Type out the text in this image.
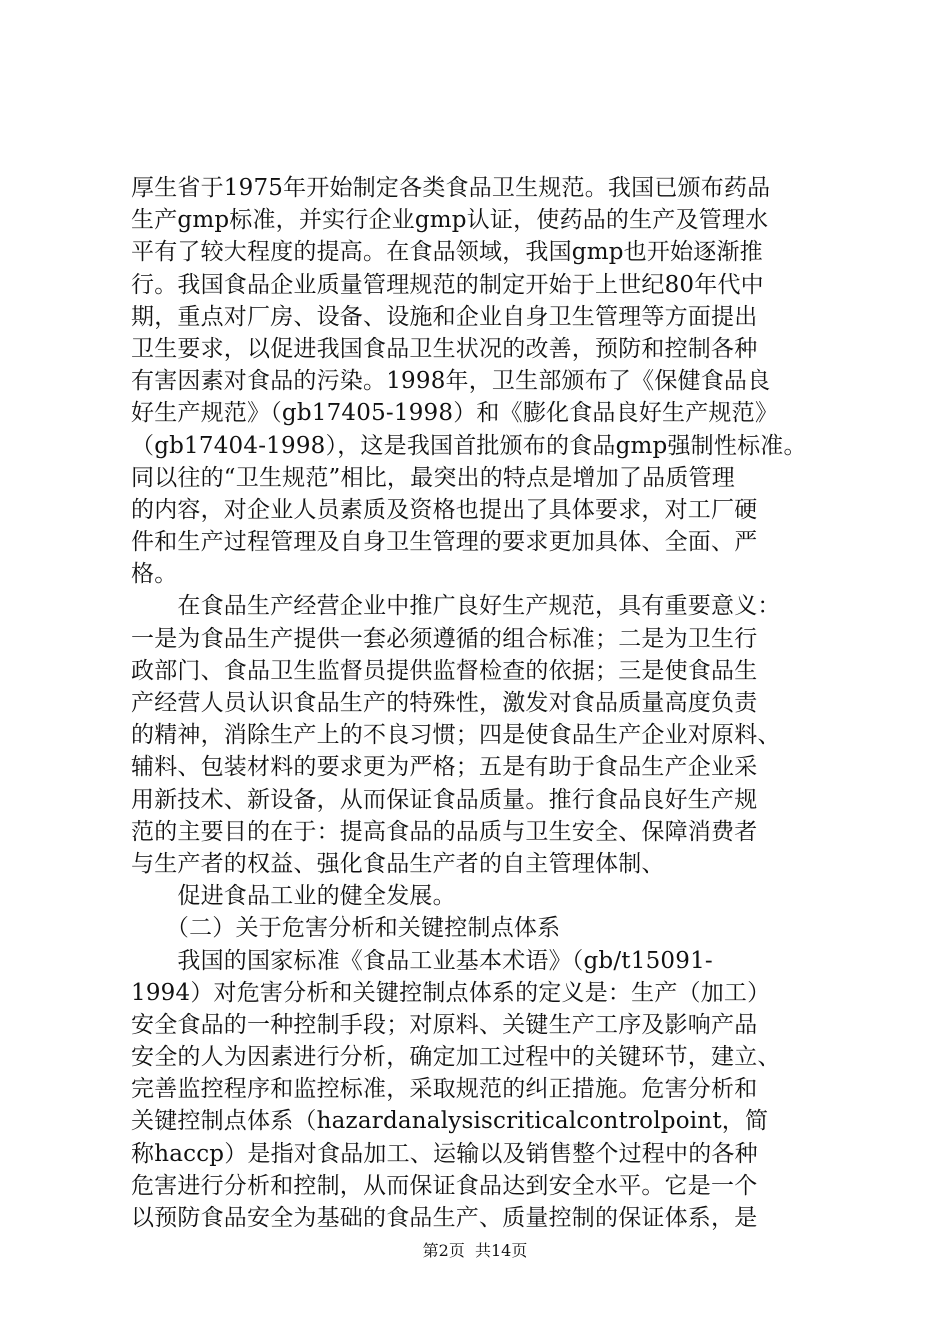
厚生省于1975年开始制定各类食品卫生规范。我国已颁布药品
生产gmp标准，并实行企业gmp认证，使药品的生产及管理水
平有了较大程度的提高。在食品领域，我国gmp也开始逐渐推
行。我国食品企业质量管理规范的制定开始于上世纪80年代中
期，重点对厂房、设备、设施和企业自身卫生管理等方面提出
卫生要求，以促进我国食品卫生状况的改善，预防和控制各种
有害因素对食品的污染。1998年，卫生部颁布了《保健食品良
好生产规范》（gb17405-1998）和《膨化食品良好生产规范》
（gb17404-1998），这是我国首批颁布的食品gmp强制性标准。
同以往的“卫生规范”相比，最突出的特点是增加了品质管理
的内容，对企业人员素质及资格也提出了具体要求，对工厂硬
件和生产过程管理及自身卫生管理的要求更加具体、全面、严
格。
　　在食品生产经营企业中推广良好生产规范，具有重要意义：
一是为食品生产提供一套必须遵循的组合标准；二是为卫生行
政部门、食品卫生监督员提供监督检查的依据；三是使食品生
产经营人员认识食品生产的特殊性，激发对食品质量高度负责
的精神，消除生产上的不良习惯；四是使食品生产企业对原料、
辅料、包装材料的要求更为严格；五是有助于食品生产企业采
用新技术、新设备，从而保证食品质量。推行食品良好生产规
范的主要目的在于：提高食品的品质与卫生安全、保障消费者
与生产者的权益、强化食品生产者的自主管理体制、
　　促进食品工业的健全发展。
　　（二）关于危害分析和关键控制点体系
　　我国的国家标准《食品工业基本术语》（gb/t15091-
1994）对危害分析和关键控制点体系的定义是：生产（加工）
安全食品的一种控制手段；对原料、关键生产工序及影响产品
安全的人为因素进行分析，确定加工过程中的关键环节，建立、
完善监控程序和监控标准，采取规范的纠正措施。危害分析和
关键控制点体系（hazardanalysiscriticalcontrolpoint，简
称haccp）是指对食品加工、运输以及销售整个过程中的各种
危害进行分析和控制，从而保证食品达到安全水平。它是一个
以预防食品安全为基础的食品生产、质量控制的保证体系，是
第2页  共14页
